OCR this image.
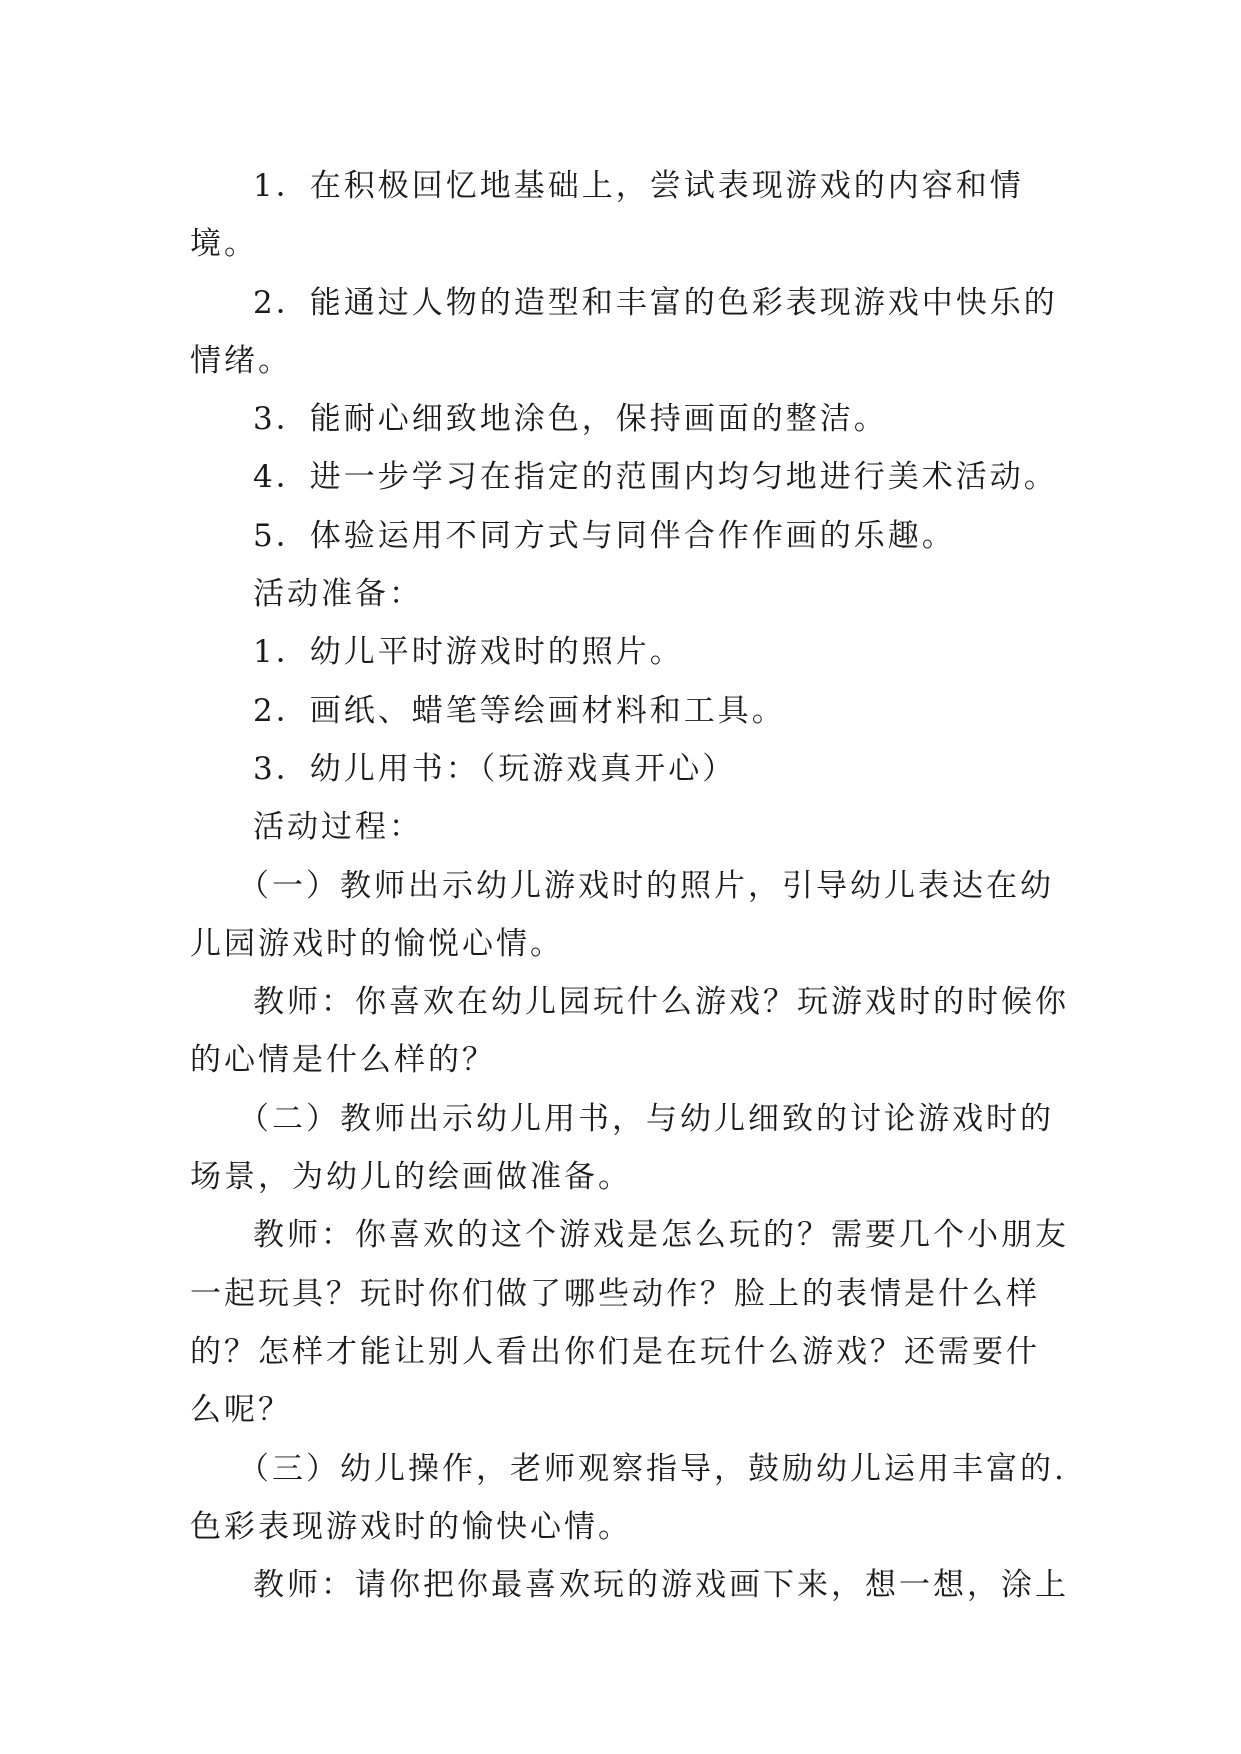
1．在积极回忆地基础上，尝试表现游戏的内容和情境。

2．能通过人物的造型和丰富的色彩表现游戏中快乐的情绪。

3．能耐心细致地涂色，保持画面的整洁。

4．进一步学习在指定的范围内均匀地进行美术活动。

5．体验运用不同方式与同伴合作作画的乐趣。

活动准备：

1．幼儿平时游戏时的照片。

2．画纸、蜡笔等绘画材料和工具。

3．幼儿用书：（玩游戏真开心）

活动过程：

（一）教师出示幼儿游戏时的照片，引导幼儿表达在幼儿园游戏时的愉悦心情。

教师：你喜欢在幼儿园玩什么游戏？玩游戏时的时候你的心情是什么样的？

（二）教师出示幼儿用书，与幼儿细致的讨论游戏时的场景，为幼儿的绘画做准备。

教师：你喜欢的这个游戏是怎么玩的？需要几个小朋友一起玩具？玩时你们做了哪些动作？脸上的表情是什么样的？怎样才能让别人看出你们是在玩什么游戏？还需要什么呢？

（三）幼儿操作，老师观察指导，鼓励幼儿运用丰富的.色彩表现游戏时的愉快心情。

教师：请你把你最喜欢玩的游戏画下来，想一想，涂上
